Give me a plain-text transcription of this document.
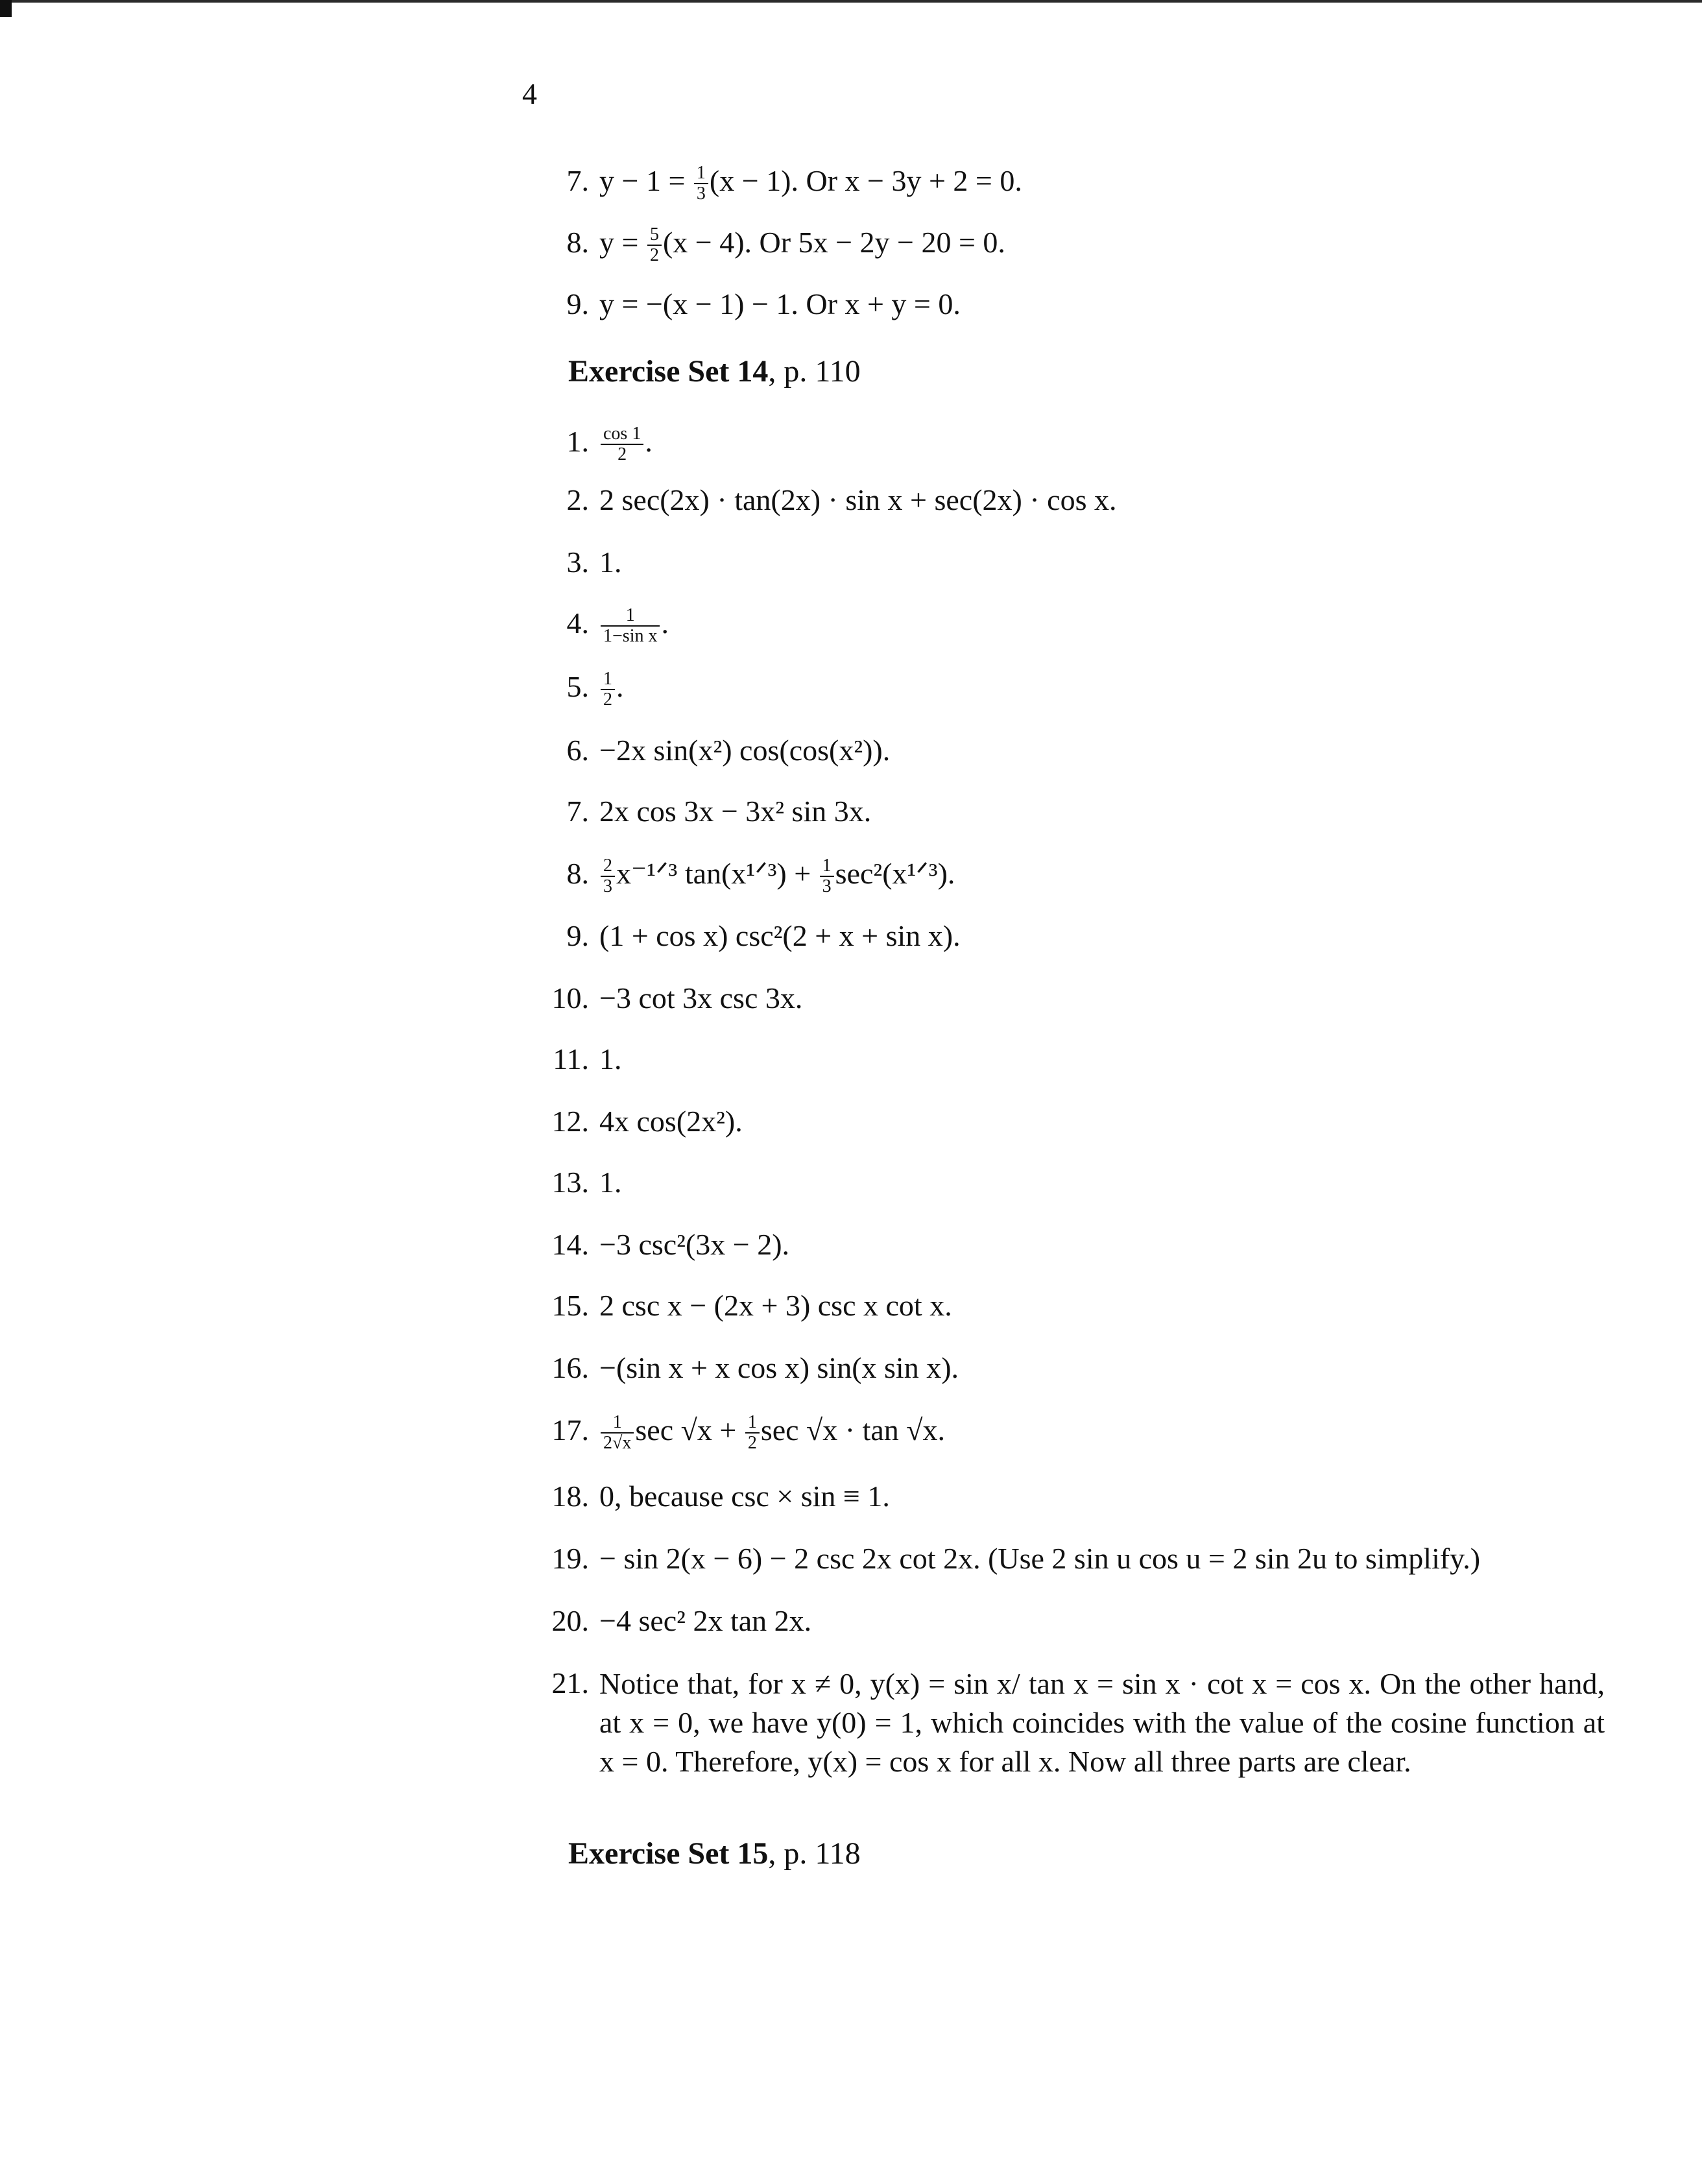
4
7. $y - 1 = \frac{1}{3} (x - 1)$. Or x − 3y + 2 = 0.
8. $y = \frac{5}{2} (x - 4)$. Or 5x − 2y − 20 = 0.
9. y = −(x − 1) − 1. Or x + y = 0.
Exercise Set 14, p. 110
1. $\frac{\cos 1}{2}$ .
2. 2 sec(2x) · tan(2x) · sin x + sec(2x) · cos x.
3. 1.
4. $\frac{1}{\text{1−sin x}}$ .
5. $\frac{1}{2}$ .
6. −2x sin(x²) cos(cos(x²)).
7. 2x cos 3x − 3x² sin 3x.
8. $\frac{2}{3}$ x⁻¹ᐟ³ tan(x¹ᐟ³) + $\frac{1}{3}$ sec²(x¹ᐟ³).
9. (1 + cos x) csc²(2 + x + sin x).
10. −3 cot 3x csc 3x.
11. 1.
12. 4x cos(2x²).
13. 1.
14. −3 csc²(3x − 2).
15. 2 csc x − (2x + 3) csc x cot x.
16. −(sin x + x cos x) sin(x sin x).
17. $\frac{1}{2√x}$ $\sec √x + \frac{1}{2}$ sec √x · tan √x.
18. 0, because csc × sin ≡ 1.
19. − sin 2(x − 6) − 2 csc 2x cot 2x. (Use 2 sin u cos u = 2 sin 2u to simplify.)
20. −4 sec² 2x tan 2x.
21. Notice that, for x ≠ 0, y(x) = sin x/ tan x = sin x · cot x = cos x. On the other hand, at x = 0, we have y(0) = 1, which coincides with the value of the cosine function at x = 0. Therefore, y(x) = cos x for all x. Now all three parts are clear.
Exercise Set 15, p. 118
